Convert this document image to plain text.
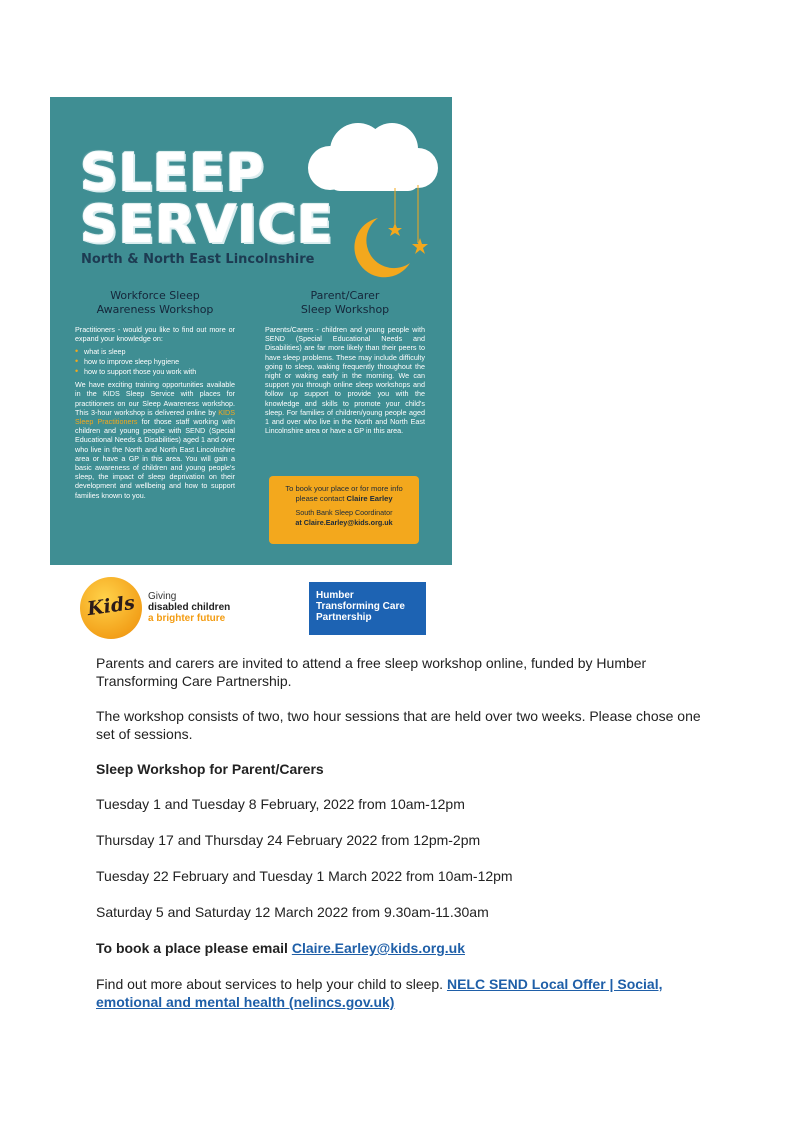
SLEEP
SERVICE
North & North East Lincolnshire
Workforce Sleep
Awareness Workshop

Practitioners - would you like to find out more or expand your knowledge on:

• what is sleep
• how to improve sleep hygiene
• how to support those you work with

We have exciting training opportunities available in the KIDS Sleep Service with places for practitioners on our Sleep Awareness workshop. This 3-hour workshop is delivered online by KIDS Sleep Practitioners for those staff working with children and young people with SEND (Special Educational Needs & Disabilities) aged 1 and over who live in the North and North East Lincolnshire area or have a GP in this area. You will gain a basic awareness of children and young people's sleep, the impact of sleep deprivation on their development and wellbeing and how to support families known to you.

Parent/Carer
Sleep Workshop

Parents/Carers - children and young people with SEND (Special Educational Needs and Disabilities) are far more likely than their peers to have sleep problems. These may include difficulty going to sleep, waking frequently throughout the night or waking early in the morning. We can support you through online sleep workshops and follow up support to provide you with the knowledge and skills to promote your child's sleep. For families of children/young people aged 1 and over who live in the North and North East Lincolnshire area or have a GP in this area.

To book your place or for more info please contact Claire Earley
South Bank Sleep Coordinator
at Claire.Earley@kids.org.uk
Kids	Giving
disabled children
a brighter future
Humber
Transforming Care
Partnership

Parents and carers are invited to attend a free sleep workshop online, funded by Humber Transforming Care Partnership.

The workshop consists of two, two hour sessions that are held over two weeks. Please chose one set of sessions.

Sleep Workshop for Parent/Carers

Tuesday 1 and Tuesday 8 February, 2022 from 10am-12pm

Thursday 17 and Thursday 24 February 2022 from 12pm-2pm

Tuesday 22 February and Tuesday 1 March 2022 from 10am-12pm

Saturday 5 and Saturday 12 March 2022 from 9.30am-11.30am

To book a place please email Claire.Earley@kids.org.uk

Find out more about services to help your child to sleep. NELC SEND Local Offer | Social, emotional and mental health (nelincs.gov.uk)
